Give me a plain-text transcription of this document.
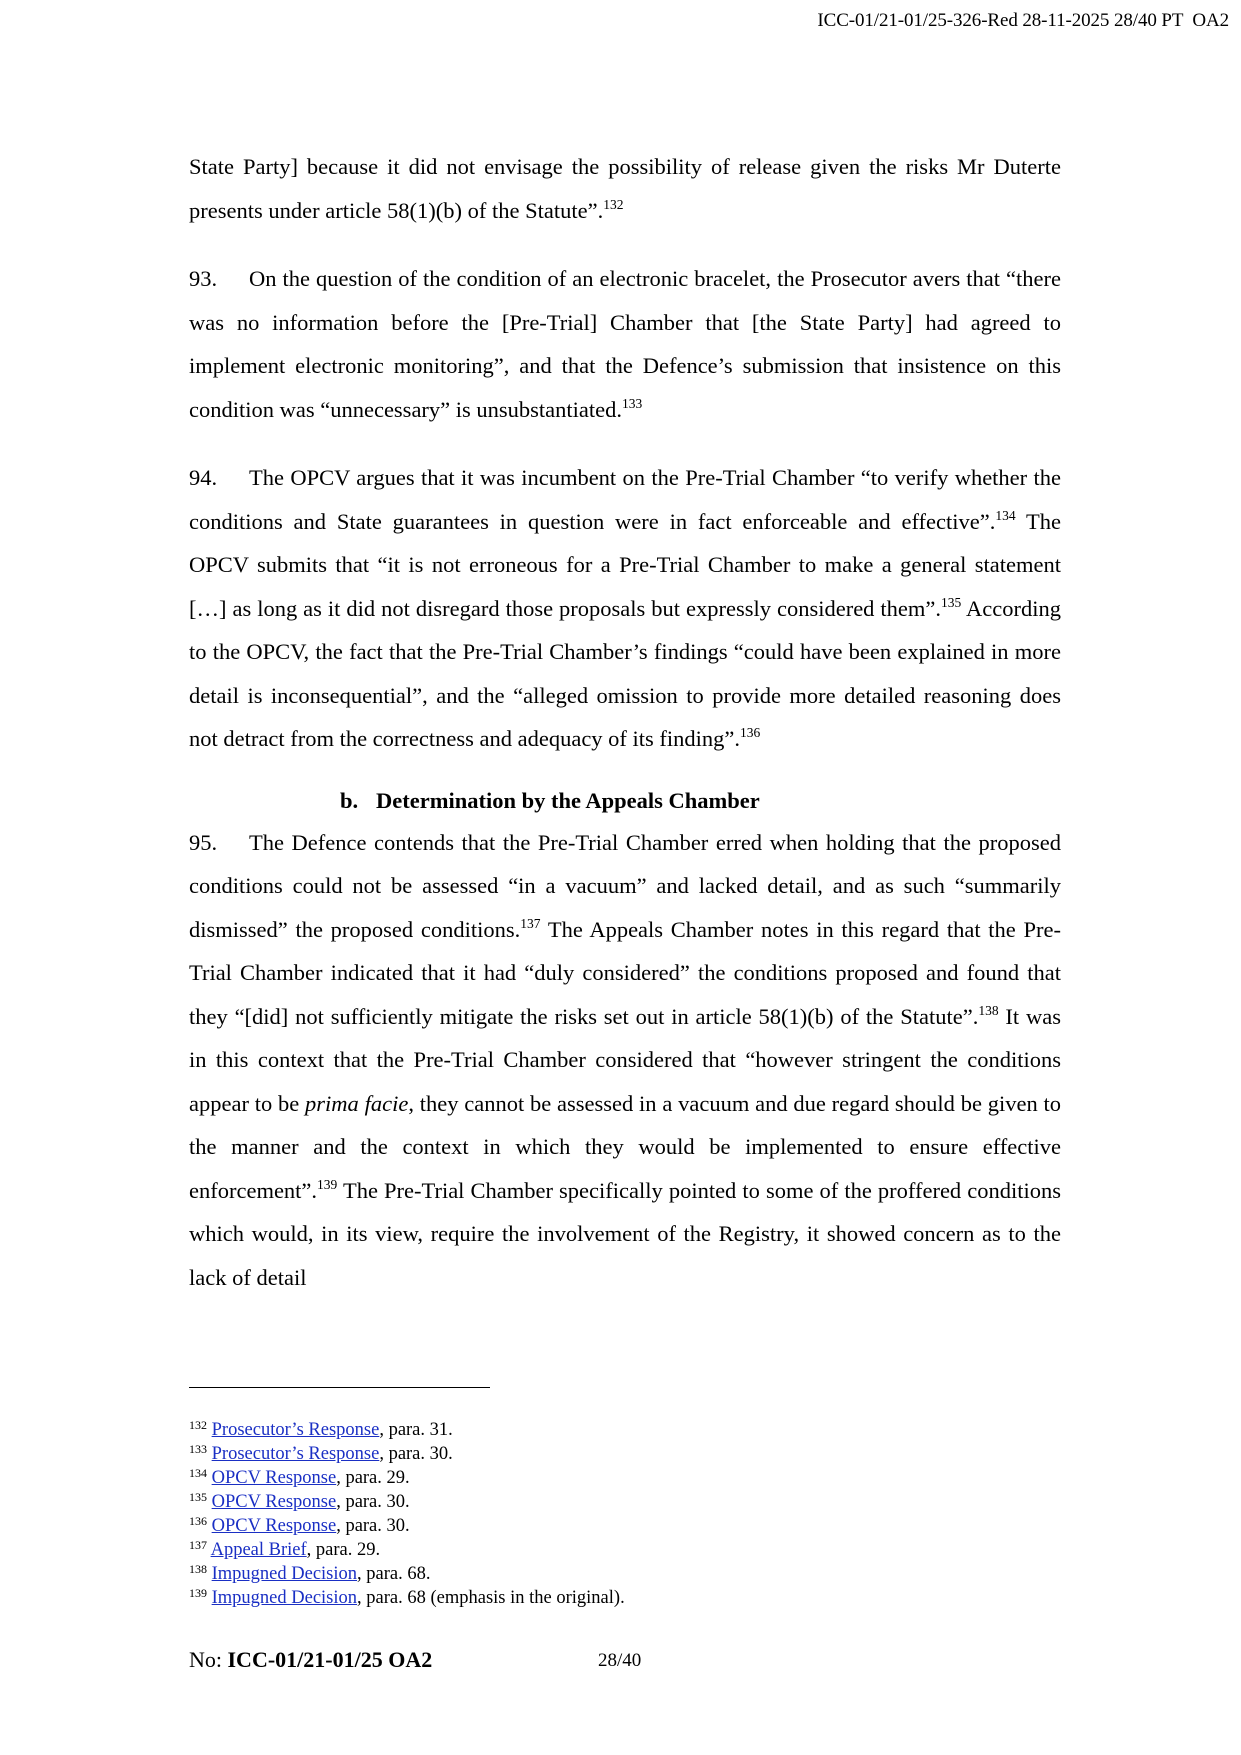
ICC-01/21-01/25-326-Red 28-11-2025 28/40 PT  OA2

State Party] because it did not envisage the possibility of release given the risks Mr Duterte presents under article 58(1)(b) of the Statute”.$^{132}$

93. On the question of the condition of an electronic bracelet, the Prosecutor avers that “there was no information before the [Pre-Trial] Chamber that [the State Party] had agreed to implement electronic monitoring”, and that the Defence’s submission that insistence on this condition was “unnecessary” is unsubstantiated.$^{133}$

94. The OPCV argues that it was incumbent on the Pre-Trial Chamber “to verify whether the conditions and State guarantees in question were in fact enforceable and effective”.$^{134}$ The OPCV submits that “it is not erroneous for a Pre-Trial Chamber to make a general statement […] as long as it did not disregard those proposals but expressly considered them”.$^{135}$ According to the OPCV, the fact that the Pre-Trial Chamber’s findings “could have been explained in more detail is inconsequential”, and the “alleged omission to provide more detailed reasoning does not detract from the correctness and adequacy of its finding”.$^{136}$

b. Determination by the Appeals Chamber

95. The Defence contends that the Pre-Trial Chamber erred when holding that the proposed conditions could not be assessed “in a vacuum” and lacked detail, and as such “summarily dismissed” the proposed conditions.$^{137}$ The Appeals Chamber notes in this regard that the Pre-Trial Chamber indicated that it had “duly considered” the conditions proposed and found that they “[did] not sufficiently mitigate the risks set out in article 58(1)(b) of the Statute”.$^{138}$ It was in this context that the Pre-Trial Chamber considered that “however stringent the conditions appear to be prima facie, they cannot be assessed in a vacuum and due regard should be given to the manner and the context in which they would be implemented to ensure effective enforcement”.$^{139}$ The Pre-Trial Chamber specifically pointed to some of the proffered conditions which would, in its view, require the involvement of the Registry, it showed concern as to the lack of detail

$^{132}$ Prosecutor’s Response, para. 31.
$^{133}$ Prosecutor’s Response, para. 30.
$^{134}$ OPCV Response, para. 29.
$^{135}$ OPCV Response, para. 30.
$^{136}$ OPCV Response, para. 30.
$^{137}$ Appeal Brief, para. 29.
$^{138}$ Impugned Decision, para. 68.
$^{139}$ Impugned Decision, para. 68 (emphasis in the original).
No: ICC-01/21-01/25 OA2	28/40
